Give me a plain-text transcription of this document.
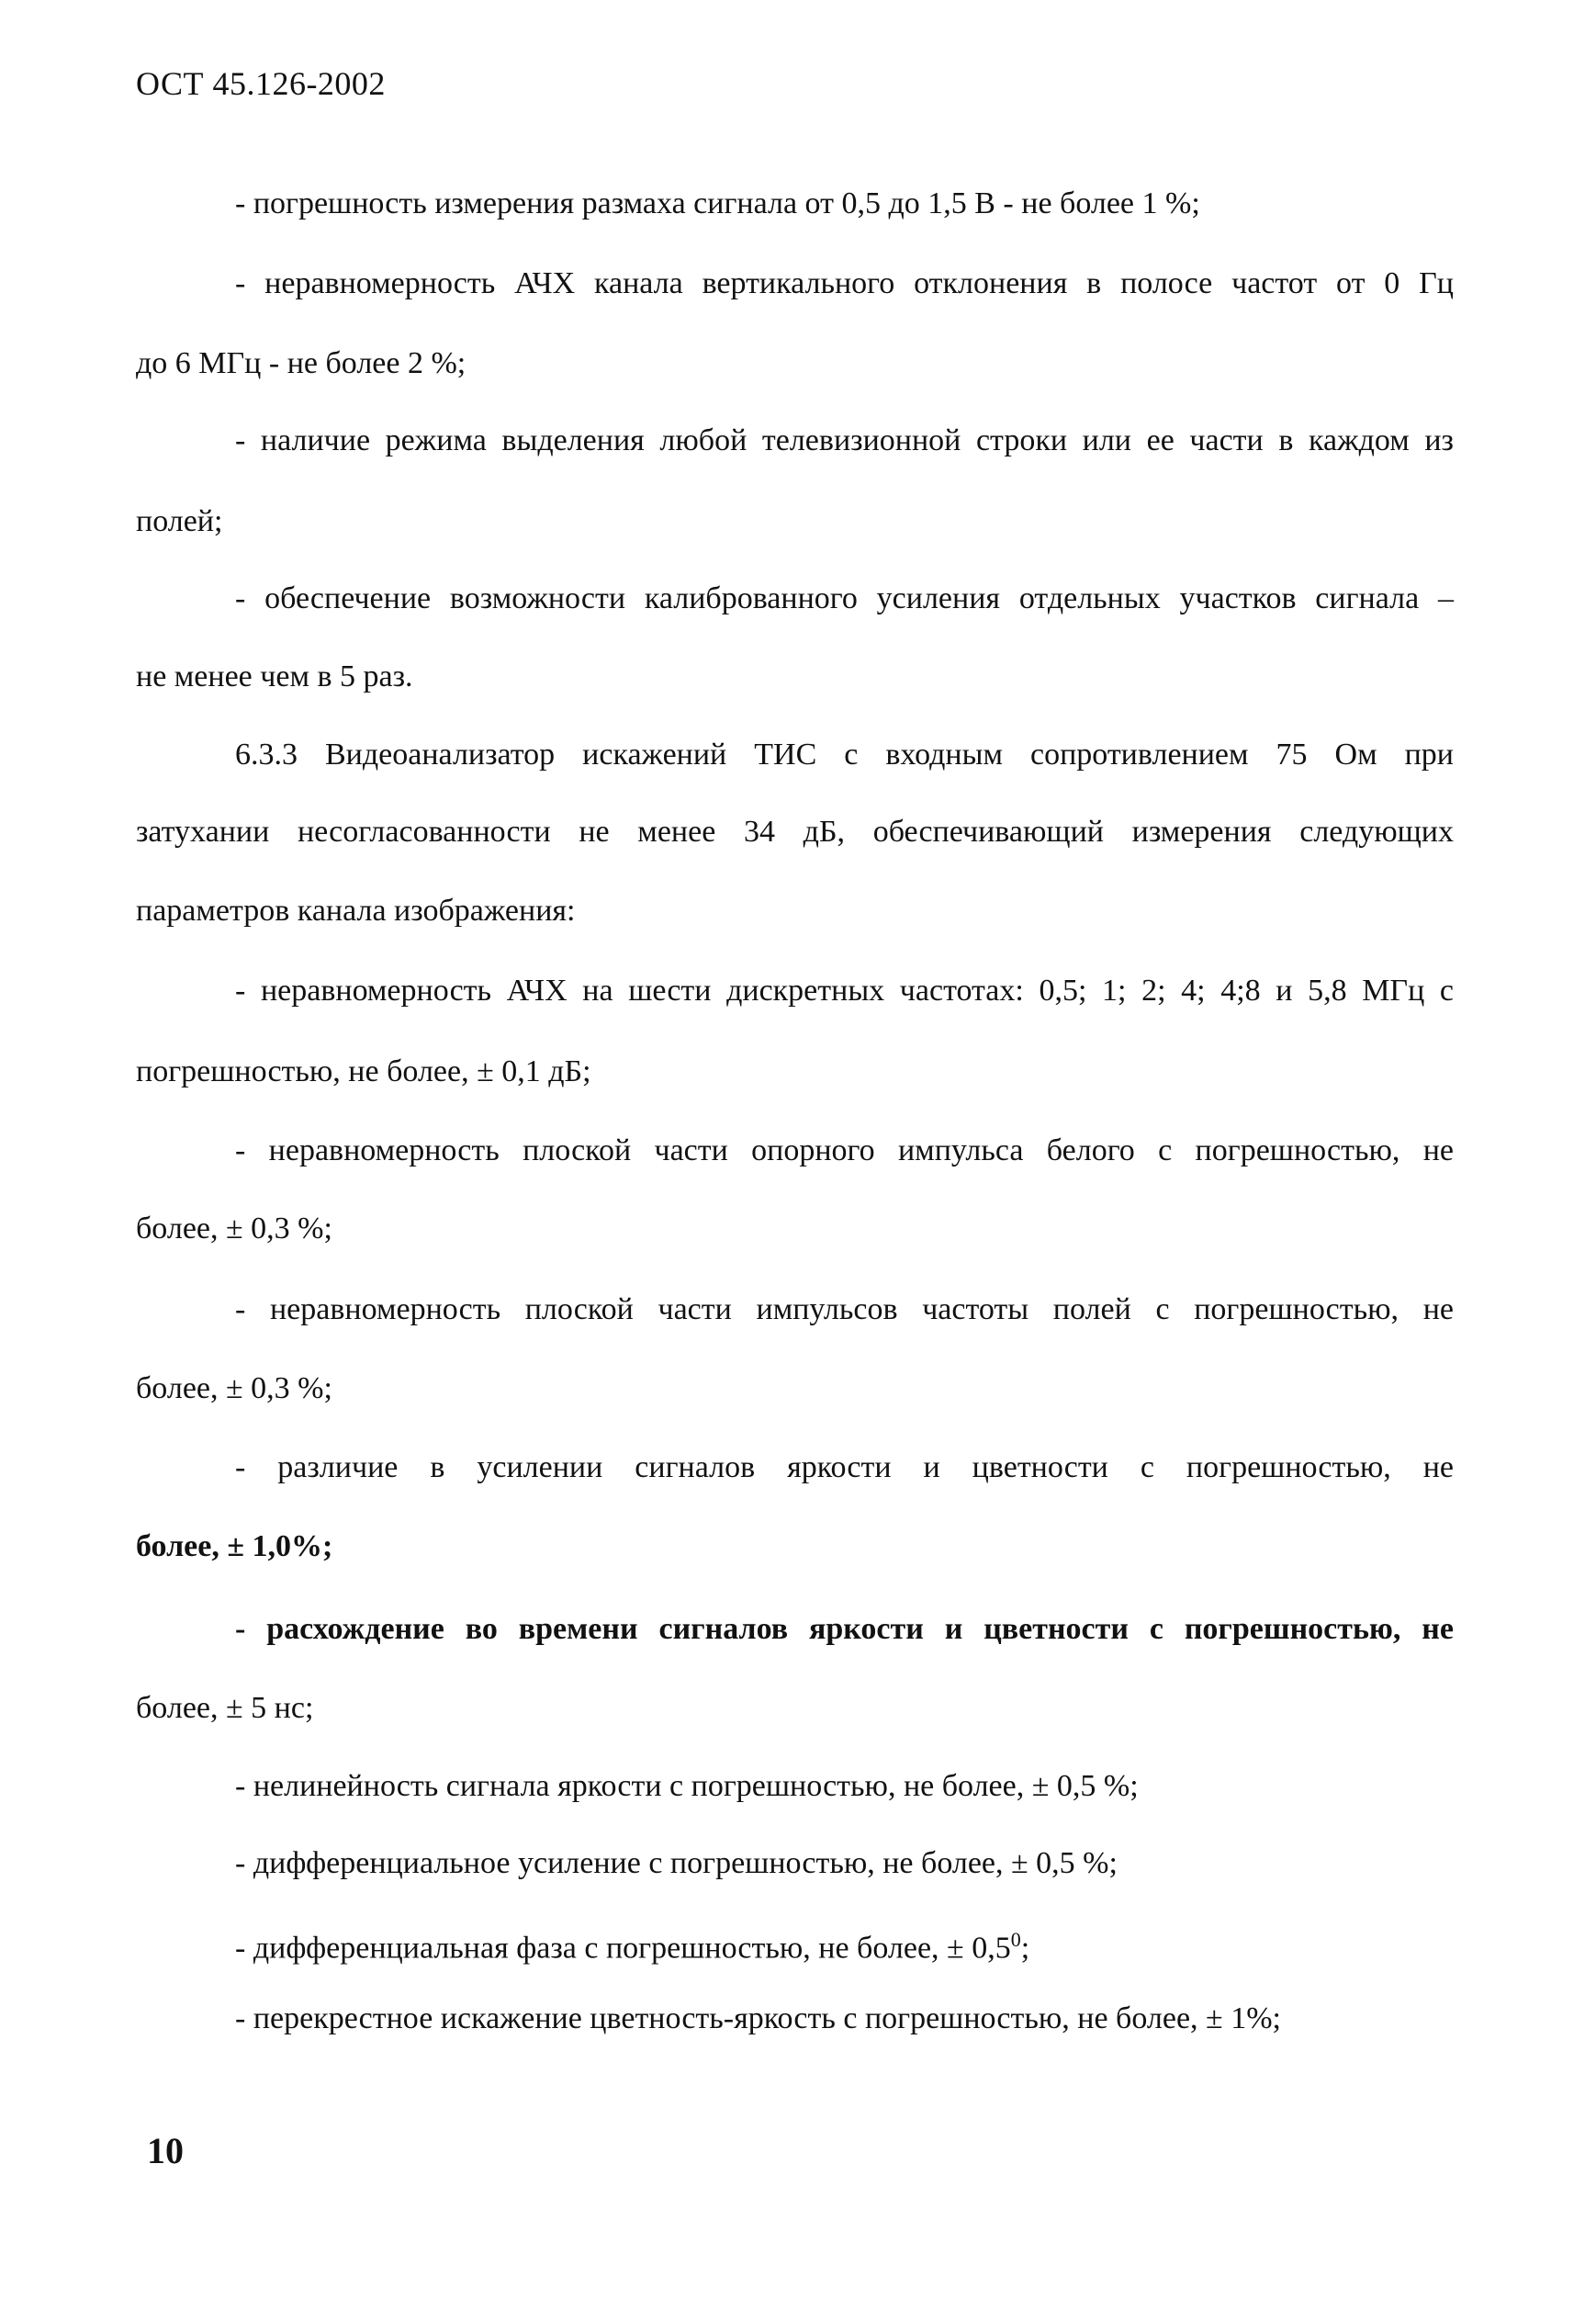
ОСТ 45.126-2002
- погрешность измерения размаха сигнала от 0,5 до 1,5 В - не более 1 %;
- неравномерность АЧХ канала вертикального отклонения в полосе частот от 0 Гц
до 6 МГц - не более 2 %;
- наличие режима выделения любой телевизионной строки или ее части в каждом из
полей;
- обеспечение возможности калиброванного усиления отдельных участков сигнала –
не менее чем в 5 раз.
6.3.3 Видеоанализатор искажений ТИС с входным сопротивлением 75 Ом при
затухании несогласованности не менее 34 дБ, обеспечивающий измерения следующих
параметров канала изображения:
- неравномерность АЧХ на шести дискретных частотах: 0,5; 1; 2; 4; 4;8 и 5,8 МГц с
погрешностью, не более, ± 0,1 дБ;
- неравномерность плоской части опорного импульса белого с погрешностью, не
более, ± 0,3 %;
- неравномерность плоской части импульсов частоты полей с погрешностью, не
более, ± 0,3 %;
- различие в усилении сигналов яркости и цветности с погрешностью, не
более, ± 1,0%;
- расхождение во времени сигналов яркости и цветности с погрешностью, не
более, ± 5 нс;
- нелинейность сигнала яркости с погрешностью, не более, ± 0,5 %;
- дифференциальное усиление с погрешностью, не более, ± 0,5 %;
- дифференциальная фаза с погрешностью, не более, ± $0,5^0$;
- перекрестное искажение цветность-яркость с погрешностью, не более, ± 1%;
10
